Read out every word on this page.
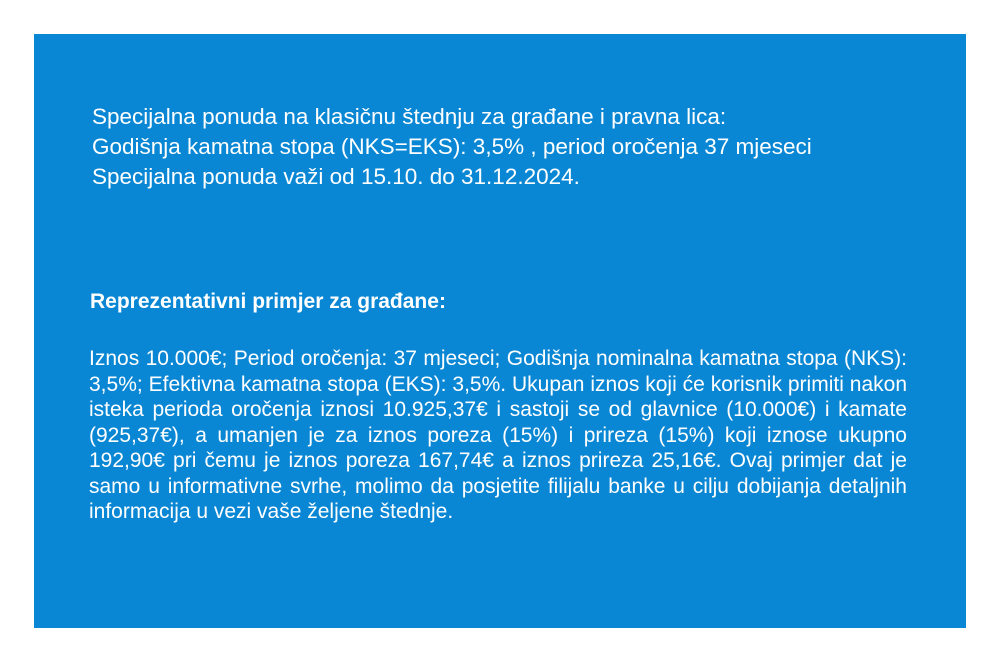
Specijalna ponuda na klasičnu štednju za građane i pravna lica:
Godišnja kamatna stopa (NKS=EKS): 3,5% , period oročenja 37 mjeseci
Specijalna ponuda važi od 15.10. do 31.12.2024.
Reprezentativni primjer za građane:
Iznos 10.000€; Period oročenja: 37 mjeseci; Godišnja nominalna kamatna stopa (NKS): 3,5%; Efektivna kamatna stopa (EKS): 3,5%. Ukupan iznos koji će korisnik primiti nakon isteka perioda oročenja iznosi 10.925,37€ i sastoji se od glavnice (10.000€) i kamate (925,37€), a umanjen je za iznos poreza (15%) i prireza (15%) koji iznose ukupno 192,90€ pri čemu je iznos poreza 167,74€ a iznos prireza 25,16€. Ovaj primjer dat je samo u informativne svrhe, molimo da posjetite filijalu banke u cilju dobijanja detaljnih informacija u vezi vaše željene štednje.
